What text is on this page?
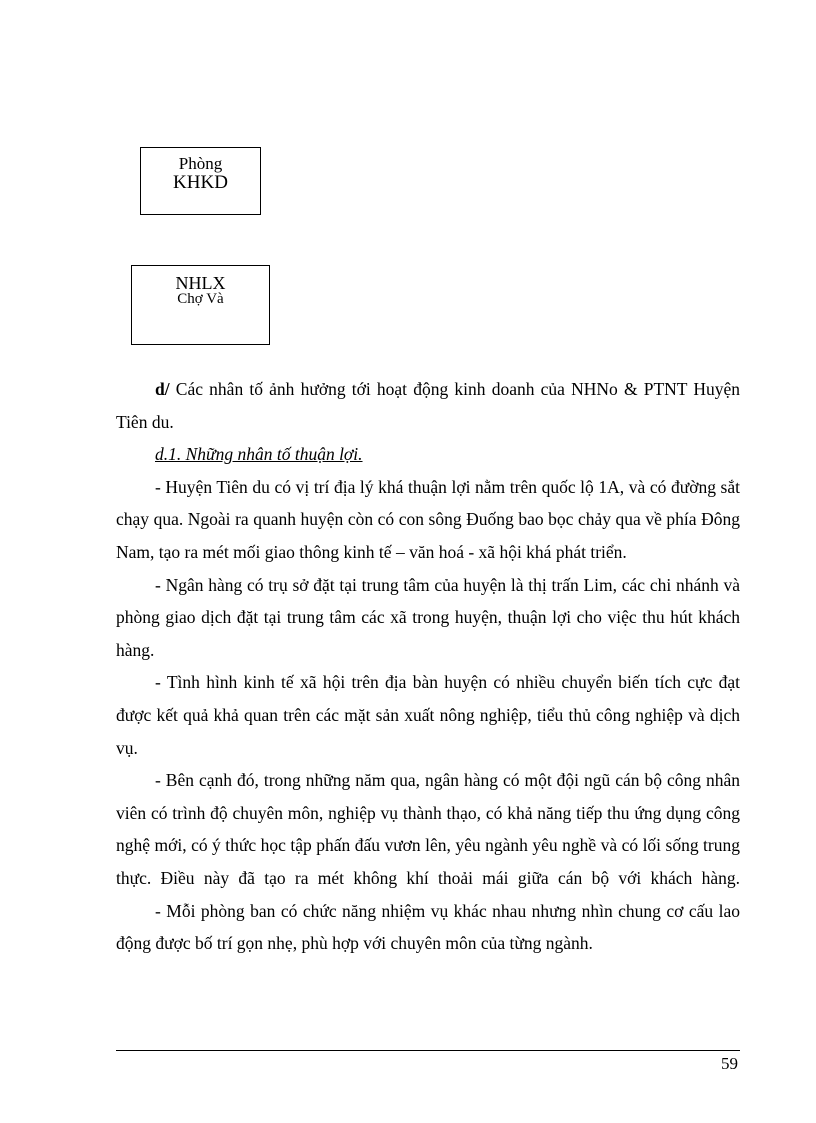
Phòng
KHKD
NHLX
Chợ Và

d/ Các nhân tố ảnh hưởng tới hoạt động kinh doanh của NHNo & PTNT Huyện Tiên du.

d.1. Những nhân tố thuận lợi.

- Huyện Tiên du có vị trí địa lý khá thuận lợi nằm trên quốc lộ 1A, và có đường sắt chạy qua. Ngoài ra quanh huyện còn có con sông Đuống bao bọc chảy qua về phía Đông Nam, tạo ra mét mối giao thông kinh tế – văn hoá - xã hội khá phát triển.

- Ngân hàng có trụ sở đặt tại trung tâm của huyện là thị trấn Lim, các chi nhánh và phòng giao dịch đặt tại trung tâm các xã trong huyện, thuận lợi cho việc thu hút khách hàng.

- Tình hình kinh tế xã hội trên địa bàn huyện có nhiều chuyển biến tích cực đạt được kết quả khả quan trên các mặt sản xuất nông nghiệp, tiểu thủ công nghiệp và dịch vụ.

- Bên cạnh đó, trong những năm qua, ngân hàng có một đội ngũ cán bộ công nhân viên có trình độ chuyên môn, nghiệp vụ thành thạo, có khả năng tiếp thu ứng dụng công nghệ mới, có ý thức học tập phấn đấu vươn lên, yêu ngành yêu nghề và có lối sống trung thực. Điều này đã tạo ra mét không khí thoải mái giữa cán bộ với khách hàng.

- Mỗi phòng ban có chức năng nhiệm vụ khác nhau nhưng nhìn chung cơ cấu lao động được bố trí gọn nhẹ, phù hợp với chuyên môn của từng ngành.

59
